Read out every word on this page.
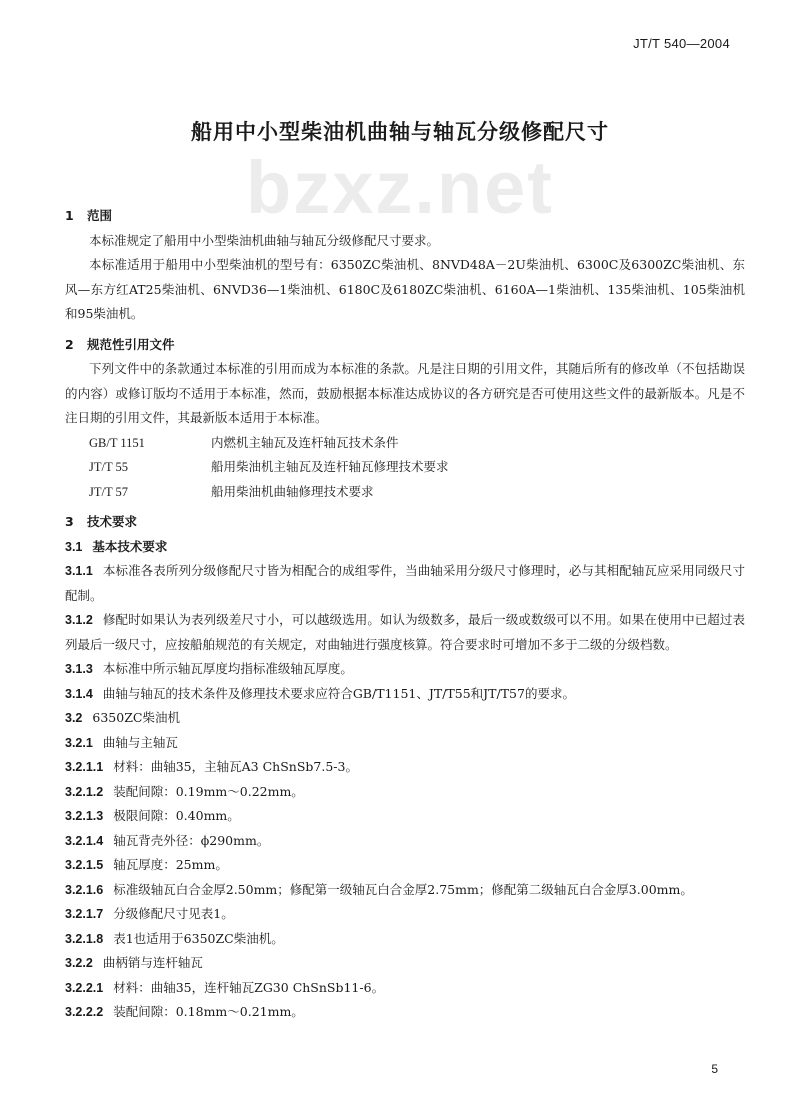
JT/T 540—2004
bzxz.net
船用中小型柴油机曲轴与轴瓦分级修配尺寸
1 范围
本标准规定了船用中小型柴油机曲轴与轴瓦分级修配尺寸要求。
本标准适用于船用中小型柴油机的型号有：6350ZC柴油机、8NVD48A－2U柴油机、6300C及6300ZC柴油机、东风—东方红AT25柴油机、6NVD36—1柴油机、6180C及6180ZC柴油机、6160A—1柴油机、135柴油机、105柴油机和95柴油机。
2 规范性引用文件
下列文件中的条款通过本标准的引用而成为本标准的条款。凡是注日期的引用文件，其随后所有的修改单（不包括勘误的内容）或修订版均不适用于本标准，然而，鼓励根据本标准达成协议的各方研究是否可使用这些文件的最新版本。凡是不注日期的引用文件，其最新版本适用于本标准。
GB/T 1151	内燃机主轴瓦及连杆轴瓦技术条件
JT/T 55	船用柴油机主轴瓦及连杆轴瓦修理技术要求
JT/T 57	船用柴油机曲轴修理技术要求
3 技术要求
3.1 基本技术要求
3.1.1 本标准各表所列分级修配尺寸皆为相配合的成组零件，当曲轴采用分级尺寸修理时，必与其相配轴瓦应采用同级尺寸配制。
3.1.2 修配时如果认为表列级差尺寸小，可以越级选用。如认为级数多，最后一级或数级可以不用。如果在使用中已超过表列最后一级尺寸，应按船舶规范的有关规定，对曲轴进行强度核算。符合要求时可增加不多于二级的分级档数。
3.1.3 本标准中所示轴瓦厚度均指标准级轴瓦厚度。
3.1.4 曲轴与轴瓦的技术条件及修理技术要求应符合GB/T1151、JT/T55和JT/T57的要求。
3.2 6350ZC柴油机
3.2.1 曲轴与主轴瓦
3.2.1.1 材料：曲轴35，主轴瓦A3 ChSnSb7.5-3。
3.2.1.2 装配间隙：0.19mm～0.22mm。
3.2.1.3 极限间隙：0.40mm。
3.2.1.4 轴瓦背壳外径：ϕ290mm。
3.2.1.5 轴瓦厚度：25mm。
3.2.1.6 标准级轴瓦白合金厚2.50mm；修配第一级轴瓦白合金厚2.75mm；修配第二级轴瓦白合金厚3.00mm。
3.2.1.7 分级修配尺寸见表1。
3.2.1.8 表1也适用于6350ZC柴油机。
3.2.2 曲柄销与连杆轴瓦
3.2.2.1 材料：曲轴35，连杆轴瓦ZG30 ChSnSb11-6。
3.2.2.2 装配间隙：0.18mm～0.21mm。
5
